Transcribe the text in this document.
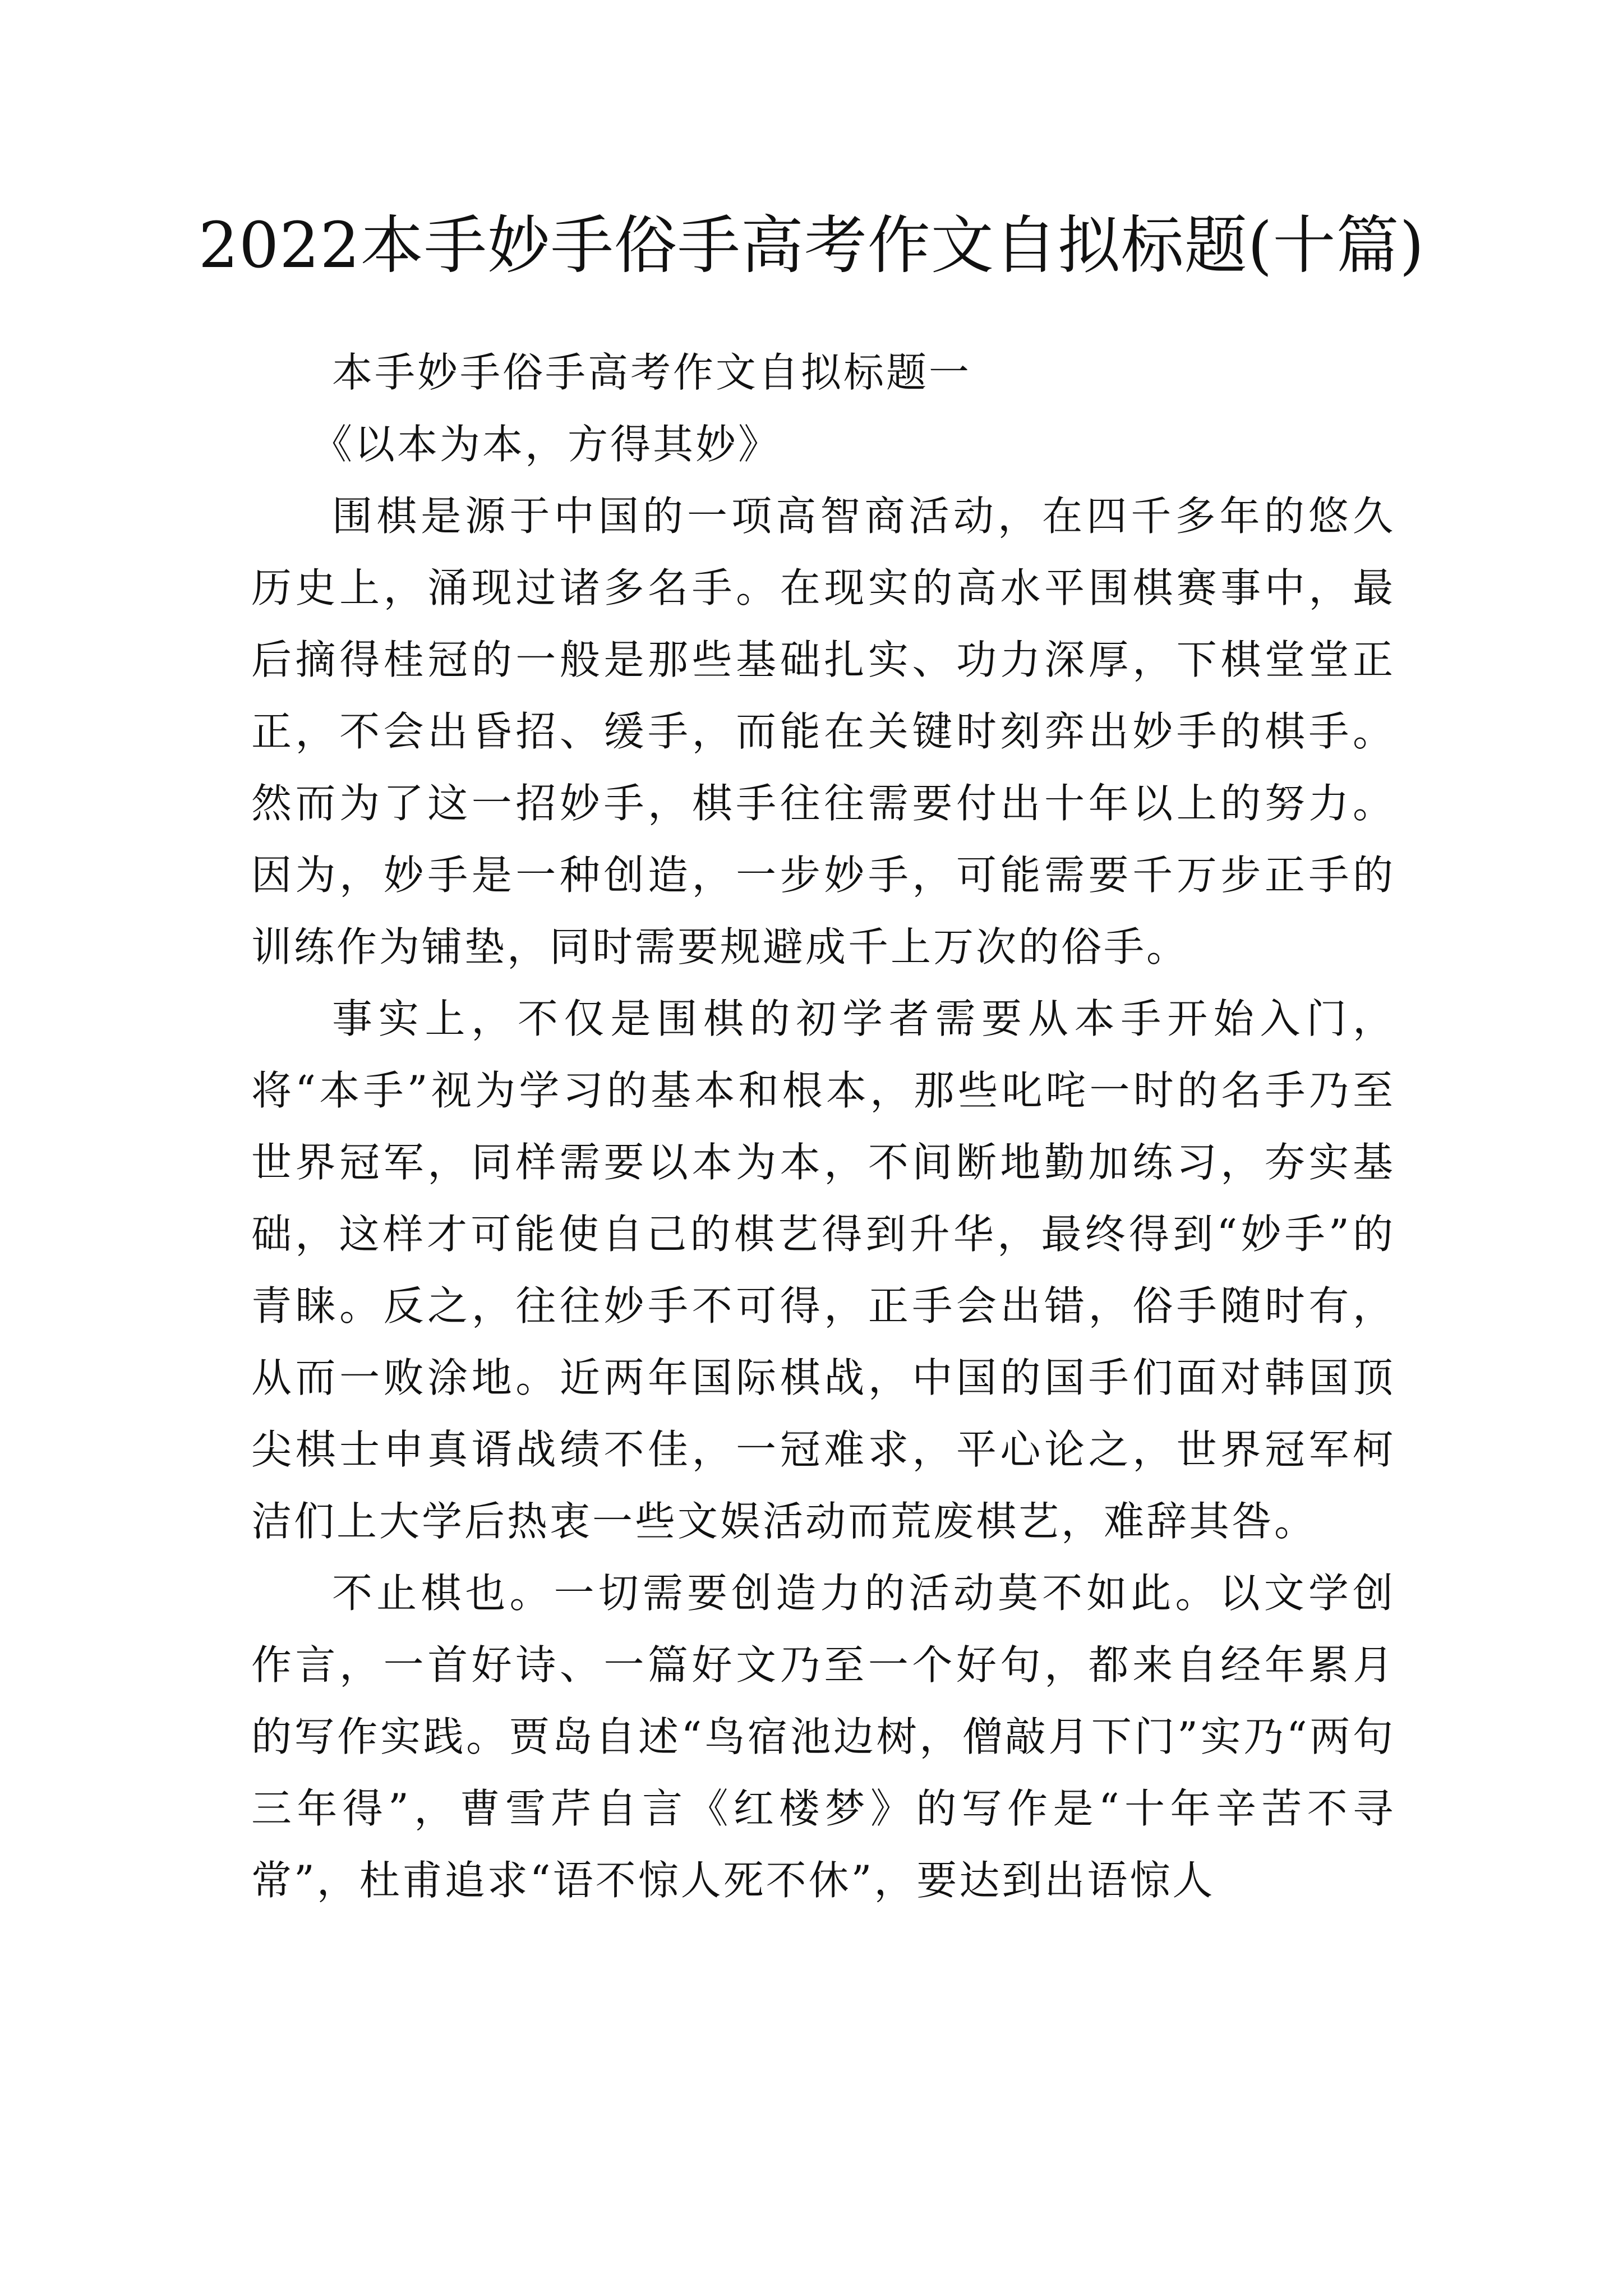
2022本手妙手俗手高考作文自拟标题(十篇)

本手妙手俗手高考作文自拟标题一

《以本为本，方得其妙》

围棋是源于中国的一项高智商活动，在四千多年的悠久历史上，涌现过诸多名手。在现实的高水平围棋赛事中，最后摘得桂冠的一般是那些基础扎实、功力深厚，下棋堂堂正正，不会出昏招、缓手，而能在关键时刻弈出妙手的棋手。然而为了这一招妙手，棋手往往需要付出十年以上的努力。因为，妙手是一种创造，一步妙手，可能需要千万步正手的训练作为铺垫，同时需要规避成千上万次的俗手。

事实上，不仅是围棋的初学者需要从本手开始入门，将“本手”视为学习的基本和根本，那些叱咤一时的名手乃至世界冠军，同样需要以本为本，不间断地勤加练习，夯实基础，这样才可能使自己的棋艺得到升华，最终得到“妙手”的青睐。反之，往往妙手不可得，正手会出错，俗手随时有，从而一败涂地。近两年国际棋战，中国的国手们面对韩国顶尖棋士申真谞战绩不佳，一冠难求，平心论之，世界冠军柯洁们上大学后热衷一些文娱活动而荒废棋艺，难辞其咎。

不止棋也。一切需要创造力的活动莫不如此。以文学创作言，一首好诗、一篇好文乃至一个好句，都来自经年累月的写作实践。贾岛自述“鸟宿池边树，僧敲月下门”实乃“两句三年得”，曹雪芹自言《红楼梦》的写作是“十年辛苦不寻常”，杜甫追求“语不惊人死不休”，要达到出语惊人
